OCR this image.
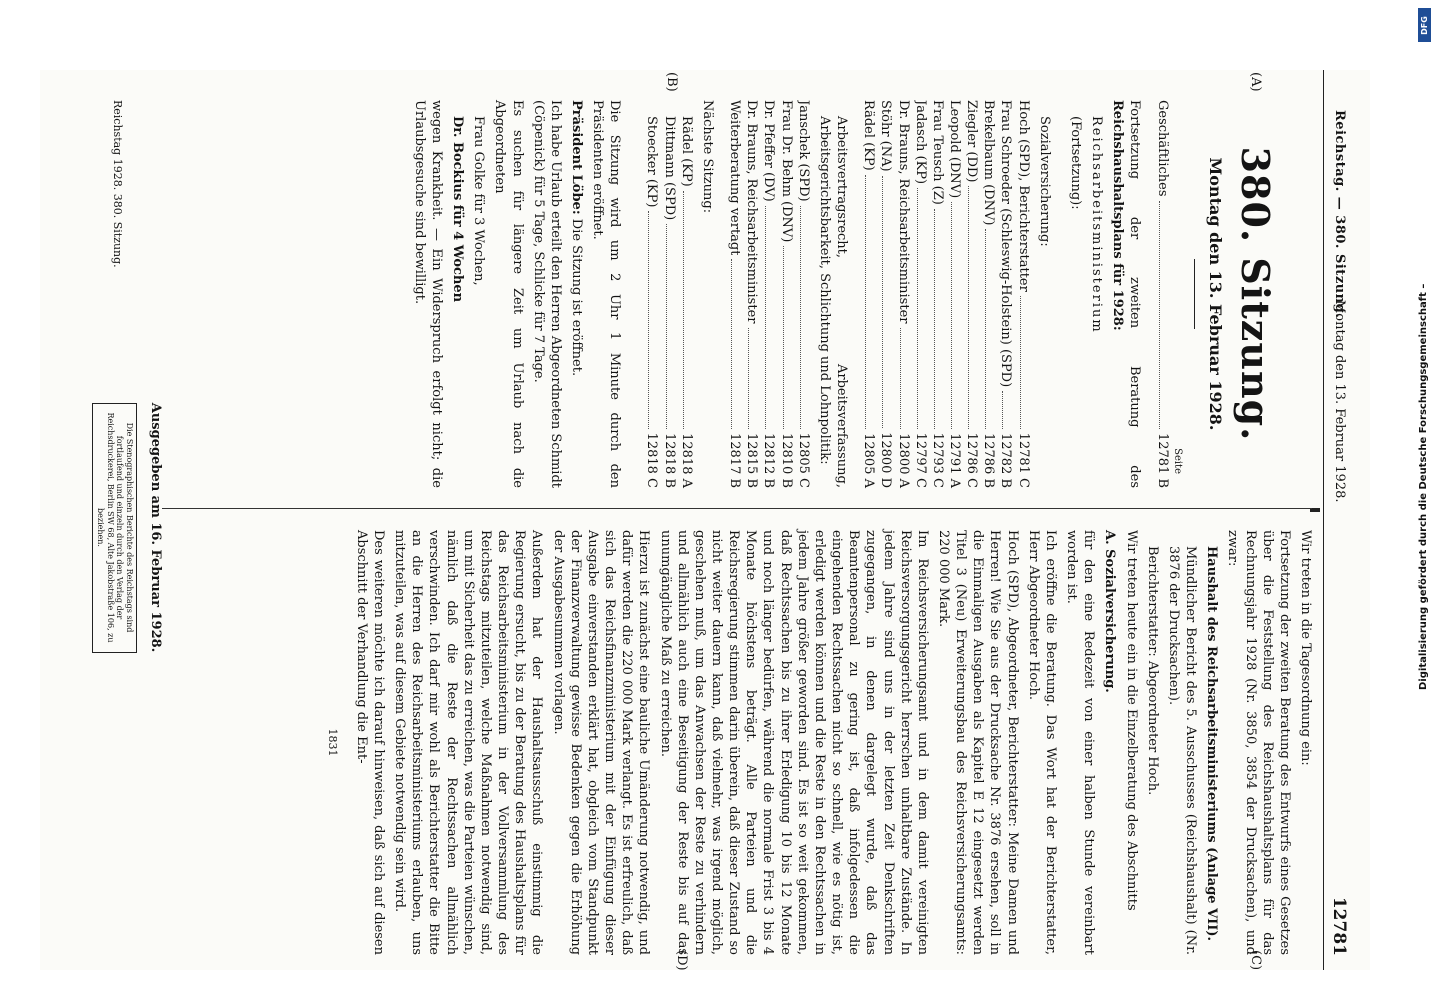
Reichstag. — 380. Sitzung.
Montag den 13. Februar 1928.
12781
(A)
(B)
(C)
(D)
380. Sitzung.
Montag den 13. Februar 1928.
Seite
Geschäftliches
12781 B

Fortsetzung der zweiten Beratung des Reichshaushaltsplans für 1928:

Reichsarbeitsministerium

(Fortsetzung):

Sozialversicherung:

Hoch (SPD), Berichterstatter
12781 C
Frau Schroeder (Schleswig-Holstein) (SPD)
12782 B
Brekelbaum (DNV)
12786 B
Ziegler (DD)
12786 C
Leopold (DNV)
12791 A
Frau Teusch (Z)
12793 C
Jadasch (KP)
12797 C
Dr. Brauns, Reichsarbeitsminister
12800 A
Stöhr (NA)
12800 D
Rädel (KP)
12805 A

Arbeitsvertragsrecht, Arbeitsverfassung, Arbeitsgerichtsbarkeit, Schlichtung und Lohnpolitik:

Janschek (SPD)
12805 C
Frau Dr. Behm (DNV)
12810 B
Dr. Pfeffer (DV)
12812 B
Dr. Brauns, Reichsarbeitsminister
12815 B
Weiterberatung vertagt
12817 B

Nächste Sitzung:

Rädel (KP)
12818 A
Dittmann (SPD)
12818 B
Stoecker (KP)
12818 C

Die Sitzung wird um 2 Uhr 1 Minute durch den Präsidenten eröffnet.

Präsident Löbe: Die Sitzung ist eröffnet.

Ich habe Urlaub erteilt den Herren Abgeordneten Schmidt (Cöpenick) für 5 Tage, Schlicke für 7 Tage.

Es suchen für längere Zeit um Urlaub nach die Abgeordneten

Frau Golke für 3 Wochen,

Dr. Bockius für 4 Wochen

wegen Krankheit. — Ein Widerspruch erfolgt nicht; die Urlaubsgesuche sind bewilligt.

Wir treten in die Tagesordnung ein:

Fortsetzung der zweiten Beratung des Entwurfs eines Gesetzes über die Feststellung des Reichshaushaltsplans für das Rechnungsjahr 1928 (Nr. 3850, 3854 der Drucksachen), und zwar:

Haushalt des Reichsarbeitsministeriums (Anlage VII).

Mündlicher Bericht des 5. Ausschusses (Reichshaushalt) (Nr. 3876 der Drucksachen).

Berichterstatter: Abgeordneter Hoch.

Wir treten heute ein in die Einzelberatung des Abschnitts

A. Sozialversicherung.

für den eine Redezeit von einer halben Stunde vereinbart worden ist.

Ich eröffne die Beratung. Das Wort hat der Berichterstatter, Herr Abgeordneter Hoch.

Hoch (SPD), Abgeordneter, Berichterstatter: Meine Damen und Herren! Wie Sie aus der Drucksache Nr. 3876 ersehen, soll in die Einmaligen Ausgaben als Kapitel E 12 eingesetzt werden Titel 3 (Neu) Erweiterungsbau des Reichsversicherungsamts: 220 000 Mark.

Im Reichsversicherungsamt und in dem damit vereinigten Reichsversorgungsgericht herrschen unhaltbare Zustände. In jedem Jahre sind uns in der letzten Zeit Denkschriften zugegangen, in denen dargelegt wurde, daß das Beamtenpersonal zu gering ist, daß infolgedessen die eingehenden Rechtssachen nicht so schnell, wie es nötig ist, erledigt werden können und die Reste in den Rechtssachen in jedem Jahre größer geworden sind. Es ist so weit gekommen, daß Rechtssachen bis zu ihrer Erledigung 10 bis 12 Monate und noch länger bedürfen, während die normale Frist 3 bis 4 Monate höchstens beträgt. Alle Parteien und die Reichsregierung stimmen darin überein, daß dieser Zustand so nicht weiter dauern kann, daß vielmehr, was irgend möglich, geschehen muß, um das Anwachsen der Reste zu verhindern und allmählich auch eine Beseitigung der Reste bis auf das unumgängliche Maß zu erreichen.

Hierzu ist zunächst eine bauliche Umänderung notwendig, und dafür werden die 220 000 Mark verlangt. Es ist erfreulich, daß sich das Reichsfinanzministerium mit der Einfügung dieser Ausgabe einverstanden erklärt hat, obgleich vom Standpunkt der Finanzverwaltung gewisse Bedenken gegen die Erhöhung der Ausgabesummen vorlagen.

Außerdem hat der Haushaltsausschuß einstimmig die Regierung ersucht, bis zu der Beratung des Haushaltsplans für das Reichsarbeitsministerium in der Vollversammlung des Reichstags mitzuteilen, welche Maßnahmen notwendig sind, um mit Sicherheit das zu erreichen, was die Parteien wünschen, nämlich daß die Reste der Rechtssachen allmählich verschwinden. Ich darf mir wohl als Berichterstatter die Bitte an die Herren des Reichsarbeitsministeriums erlauben, uns mitzuteilen, was auf diesem Gebiete notwendig sein wird.

Des weiteren möchte ich darauf hinweisen, daß sich auf diesen Abschnitt der Verhandlung die Ent-

1831
Ausgegeben am 16. Februar 1928.
Die Stenographischen Berichte des Reichstags sind fortlaufend und einzeln durch den Verlag der Reichsdruckerei, Berlin SW 68, Alte Jakobstraße 106, zu beziehen.
Reichstag 1928. 380. Sitzung.
Digitalisierung gefördert durch die Deutsche Forschungsgemeinschaft –
DFG
